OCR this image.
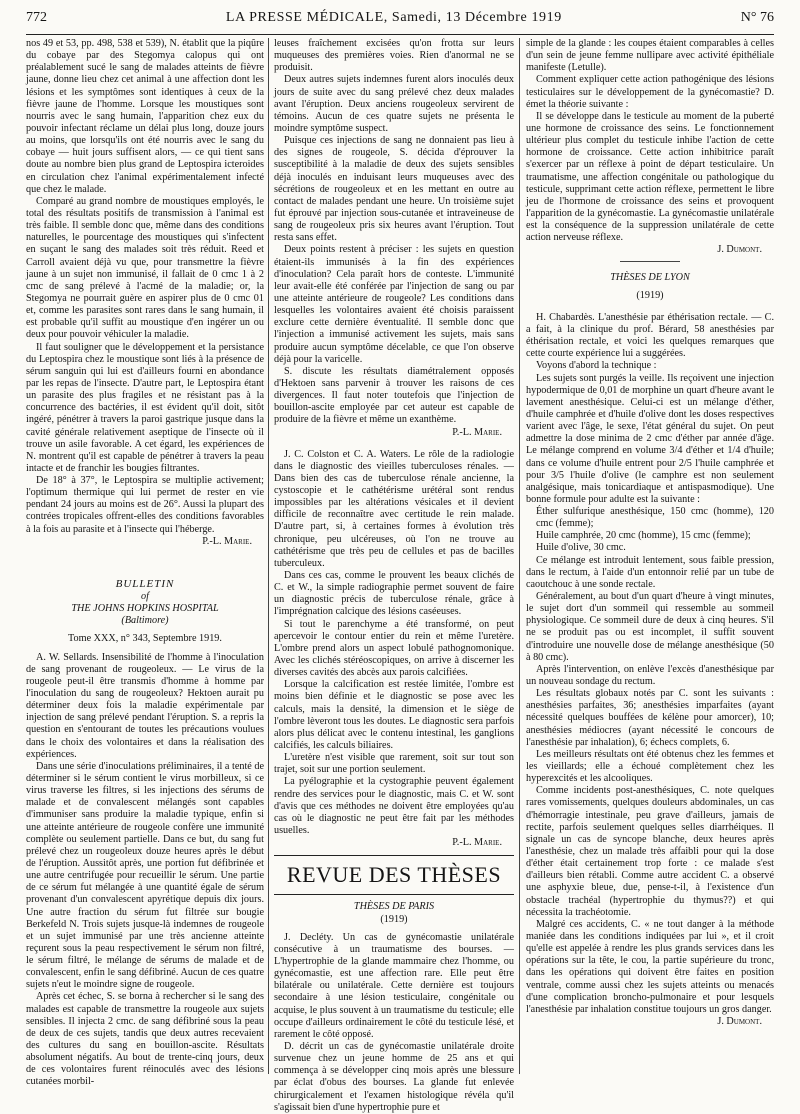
772	LA PRESSE MÉDICALE, Samedi, 13 Décembre 1919	N° 76

nos 49 et 53, pp. 498, 538 et 539), N. établit que la piqûre du cobaye par des Stegomya calopus qui ont préalablement sucé le sang de malades atteints de fièvre jaune, donne lieu chez cet animal à une affection dont les lésions et les symptômes sont identiques à ceux de la fièvre jaune de l'homme. Lorsque les moustiques sont nourris avec le sang humain, l'apparition chez eux du pouvoir infectant réclame un délai plus long, douze jours au moins, que lorsqu'ils ont été nourris avec le sang du cobaye — huit jours suffisent alors, — ce qui tient sans doute au nombre bien plus grand de Leptospira icteroides en circulation chez l'animal expérimentalement infecté que chez le malade.

Comparé au grand nombre de moustiques employés, le total des résultats positifs de transmission à l'animal est très faible. Il semble donc que, même dans des conditions naturelles, le pourcentage des moustiques qui s'infectent en suçant le sang des malades soit très réduit. Reed et Carroll avaient déjà vu que, pour transmettre la fièvre jaune à un sujet non immunisé, il fallait de 0 cmc 1 à 2 cmc de sang prélevé à l'acmé de la maladie; or, la Stegomya ne pourrait guère en aspirer plus de 0 cmc 01 et, comme les parasites sont rares dans le sang humain, il est probable qu'il suffit au moustique d'en ingérer un ou deux pour pouvoir véhiculer la maladie.

Il faut souligner que le développement et la persistance du Leptospira chez le moustique sont liés à la présence de sérum sanguin qui lui est d'ailleurs fourni en abondance par les repas de l'insecte. D'autre part, le Leptospira étant un parasite des plus fragiles et ne résistant pas à la concurrence des bactéries, il est évident qu'il doit, sitôt ingéré, pénétrer à travers la paroi gastrique jusque dans la cavité générale relativement aseptique de l'insecte où il trouve un asile favorable. A cet égard, les expériences de N. montrent qu'il est capable de pénétrer à travers la peau intacte et de franchir les bougies filtrantes.

De 18° à 37°, le Leptospira se multiplie activement; l'optimum thermique qui lui permet de rester en vie pendant 24 jours au moins est de 26°. Aussi la plupart des contrées tropicales offrent-elles des conditions favorables à la fois au parasite et à l'insecte qui l'héberge.

P.-L. Marie.

BULLETIN

of

THE JOHNS HOPKINS HOSPITAL

(Baltimore)

Tome XXX, n° 343, Septembre 1919.

A. W. Sellards. Insensibilité de l'homme à l'inoculation de sang provenant de rougeoleux. — Le virus de la rougeole peut-il être transmis d'homme à homme par l'inoculation du sang de rougeoleux? Hektoen aurait pu déterminer deux fois la maladie expérimentale par injection de sang prélevé pendant l'éruption. S. a repris la question en s'entourant de toutes les précautions voulues dans le choix des volontaires et dans la réalisation des expériences.

Dans une série d'inoculations préliminaires, il a tenté de déterminer si le sérum contient le virus morbilleux, si ce virus traverse les filtres, si les injections des sérums de malade et de convalescent mélangés sont capables d'immuniser sans produire la maladie typique, enfin si une atteinte antérieure de rougeole confère une immunité complète ou seulement partielle. Dans ce but, du sang fut prélevé chez un rougeoleux douze heures après le début de l'éruption. Aussitôt après, une portion fut défibrinée et une autre centrifugée pour recueillir le sérum. Une partie de ce sérum fut mélangée à une quantité égale de sérum provenant d'un convalescent apyrétique depuis dix jours. Une autre fraction du sérum fut filtrée sur bougie Berkefeld N. Trois sujets jusque-là indemnes de rougeole et un sujet immunisé par une très ancienne atteinte reçurent sous la peau respectivement le sérum non filtré, le sérum filtré, le mélange de sérums de malade et de convalescent, enfin le sang défibriné. Aucun de ces quatre sujets n'eut le moindre signe de rougeole.

Après cet échec, S. se borna à rechercher si le sang des malades est capable de transmettre la rougeole aux sujets sensibles. Il injecta 2 cmc. de sang défibriné sous la peau de deux de ces sujets, tandis que deux autres recevaient des cultures du sang en bouillon-ascite. Résultats absolument négatifs. Au bout de trente-cinq jours, deux de ces volontaires furent réinoculés avec des lésions cutanées morbil-

leuses fraîchement excisées qu'on frotta sur leurs muqueuses des premières voies. Rien d'anormal ne se produisit.

Deux autres sujets indemnes furent alors inoculés deux jours de suite avec du sang prélevé chez deux malades avant l'éruption. Deux anciens rougeoleux servirent de témoins. Aucun de ces quatre sujets ne présenta le moindre symptôme suspect.

Puisque ces injections de sang ne donnaient pas lieu à des signes de rougeole, S. décida d'éprouver la susceptibilité à la maladie de deux des sujets sensibles déjà inoculés en induisant leurs muqueuses avec des sécrétions de rougeoleux et en les mettant en outre au contact de malades pendant une heure. Un troisième sujet fut éprouvé par injection sous-cutanée et intraveineuse de sang de rougeoleux pris six heures avant l'éruption. Tout resta sans effet.

Deux points restent à préciser : les sujets en question étaient-ils immunisés à la fin des expériences d'inoculation? Cela paraît hors de conteste. L'immunité leur avait-elle été conférée par l'injection de sang ou par une atteinte antérieure de rougeole? Les conditions dans lesquelles les volontaires avaient été choisis paraissent exclure cette dernière éventualité. Il semble donc que l'injection a immunisé activement les sujets, mais sans produire aucun symptôme décelable, ce que l'on observe déjà pour la varicelle.

S. discute les résultats diamétralement opposés d'Hektoen sans parvenir à trouver les raisons de ces divergences. Il faut noter toutefois que l'injection de bouillon-ascite employée par cet auteur est capable de produire de la fièvre et même un exanthème.

P.-L. Marie.

J. C. Colston et C. A. Waters. Le rôle de la radiologie dans le diagnostic des vieilles tuberculoses rénales. — Dans bien des cas de tuberculose rénale ancienne, la cystoscopie et le cathétérisme urétéral sont rendus impossibles par les altérations vésicales et il devient difficile de reconnaître avec certitude le rein malade. D'autre part, si, à certaines formes à évolution très chronique, peu ulcéreuses, où l'on ne trouve au cathétérisme que très peu de cellules et pas de bacilles tuberculeux.

Dans ces cas, comme le prouvent les beaux clichés de C. et W., la simple radiographie permet souvent de faire un diagnostic précis de tuberculose rénale, grâce à l'imprégnation calcique des lésions caséeuses.

Si tout le parenchyme a été transformé, on peut apercevoir le contour entier du rein et même l'uretère. L'ombre prend alors un aspect lobulé pathognomonique. Avec les clichés stéréoscopiques, on arrive à discerner les diverses cavités des abcès aux parois calcifiées.

Lorsque la calcification est restée limitée, l'ombre est moins bien définie et le diagnostic se pose avec les calculs, mais la densité, la dimension et le siège de l'ombre lèveront tous les doutes. Le diagnostic sera parfois alors plus délicat avec le contenu intestinal, les ganglions calcifiés, les calculs biliaires.

L'uretère n'est visible que rarement, soit sur tout son trajet, soit sur une portion seulement.

La pyélographie et la cystographie peuvent également rendre des services pour le diagnostic, mais C. et W. sont d'avis que ces méthodes ne doivent être employées qu'au cas où le diagnostic ne peut être fait par les méthodes usuelles.

P.-L. Marie.

REVUE DES THÈSES

THÈSES DE PARIS

(1919)

J. Decléty. Un cas de gynécomastie unilatérale consécutive à un traumatisme des bourses. — L'hypertrophie de la glande mammaire chez l'homme, ou gynécomastie, est une affection rare. Elle peut être bilatérale ou unilatérale. Cette dernière est toujours secondaire à une lésion testiculaire, congénitale ou acquise, le plus souvent à un traumatisme du testicule; elle occupe d'ailleurs ordinairement le côté du testicule lésé, et rarement le côté opposé.

D. décrit un cas de gynécomastie unilatérale droite survenue chez un jeune homme de 25 ans et qui commença à se développer cinq mois après une blessure par éclat d'obus des bourses. La glande fut enlevée chirurgicalement et l'examen histologique révéla qu'il s'agissait bien d'une hypertrophie pure et

simple de la glande : les coupes étaient comparables à celles d'un sein de jeune femme nullipare avec activité épithéliale manifeste (Letulle).

Comment expliquer cette action pathogénique des lésions testiculaires sur le développement de la gynécomastie? D. émet la théorie suivante :

Il se développe dans le testicule au moment de la puberté une hormone de croissance des seins. Le fonctionnement ultérieur plus complet du testicule inhibe l'action de cette hormone de croissance. Cette action inhibitrice paraît s'exercer par un réflexe à point de départ testiculaire. Un traumatisme, une affection congénitale ou pathologique du testicule, supprimant cette action réflexe, permettent le libre jeu de l'hormone de croissance des seins et provoquent l'apparition de la gynécomastie. La gynécomastie unilatérale est la conséquence de la suppression unilatérale de cette action nerveuse réflexe.

J. Dumont.

THÈSES DE LYON

(1919)

H. Chabardès. L'anesthésie par éthérisation rectale. — C. a fait, à la clinique du prof. Bérard, 58 anesthésies par éthérisation rectale, et voici les quelques remarques que cette courte expérience lui a suggérées.

Voyons d'abord la technique :

Les sujets sont purgés la veille. Ils reçoivent une injection hypodermique de 0,01 de morphine un quart d'heure avant le lavement anesthésique. Celui-ci est un mélange d'éther, d'huile camphrée et d'huile d'olive dont les doses respectives varient avec l'âge, le sexe, l'état général du sujet. On peut admettre la dose minima de 2 cmc d'éther par année d'âge. Le mélange comprend en volume 3/4 d'éther et 1/4 d'huile; dans ce volume d'huile entrent pour 2/5 l'huile camphrée et pour 3/5 l'huile d'olive (le camphre est non seulement analgésique, mais tonicardiaque et antispasmodique). Une bonne formule pour adulte est la suivante :

Éther sulfurique anesthésique, 150 cmc (homme), 120 cmc (femme);

Huile camphrée, 20 cmc (homme), 15 cmc (femme);

Huile d'olive, 30 cmc.

Ce mélange est introduit lentement, sous faible pression, dans le rectum, à l'aide d'un entonnoir relié par un tube de caoutchouc à une sonde rectale.

Généralement, au bout d'un quart d'heure à vingt minutes, le sujet dort d'un sommeil qui ressemble au sommeil physiologique. Ce sommeil dure de deux à cinq heures. S'il ne se produit pas ou est incomplet, il suffit souvent d'introduire une nouvelle dose de mélange anesthésique (50 à 80 cmc).

Après l'intervention, on enlève l'excès d'anesthésique par un nouveau sondage du rectum.

Les résultats globaux notés par C. sont les suivants : anesthésies parfaites, 36; anesthésies imparfaites (ayant nécessité quelques bouffées de kélène pour amorcer), 10; anesthésies médiocres (ayant nécessité le concours de l'anesthésie par inhalation), 6; échecs complets, 6.

Les meilleurs résultats ont été obtenus chez les femmes et les vieillards; elle a échoué complètement chez les hyperexcités et les alcooliques.

Comme incidents post-anesthésiques, C. note quelques rares vomissements, quelques douleurs abdominales, un cas d'hémorragie intestinale, peu grave d'ailleurs, jamais de rectite, parfois seulement quelques selles diarrhéiques. Il signale un cas de syncope blanche, deux heures après l'anesthésie, chez un malade très affaibli pour qui la dose d'éther était certainement trop forte : ce malade s'est d'ailleurs bien rétabli. Comme autre accident C. a observé une asphyxie bleue, due, pense-t-il, à l'existence d'un obstacle trachéal (hypertrophie du thymus??) et qui nécessita la trachéotomie.

Malgré ces accidents, C. « ne tout danger à la méthode maniée dans les conditions indiquées par lui », et il croit qu'elle est appelée à rendre les plus grands services dans les opérations sur la tête, le cou, la partie supérieure du tronc, dans les opérations qui doivent être faites en position ventrale, comme aussi chez les sujets atteints ou menacés d'une complication broncho-pulmonaire et pour lesquels l'anesthésie par inhalation constitue toujours un gros danger.

J. Dumont.
